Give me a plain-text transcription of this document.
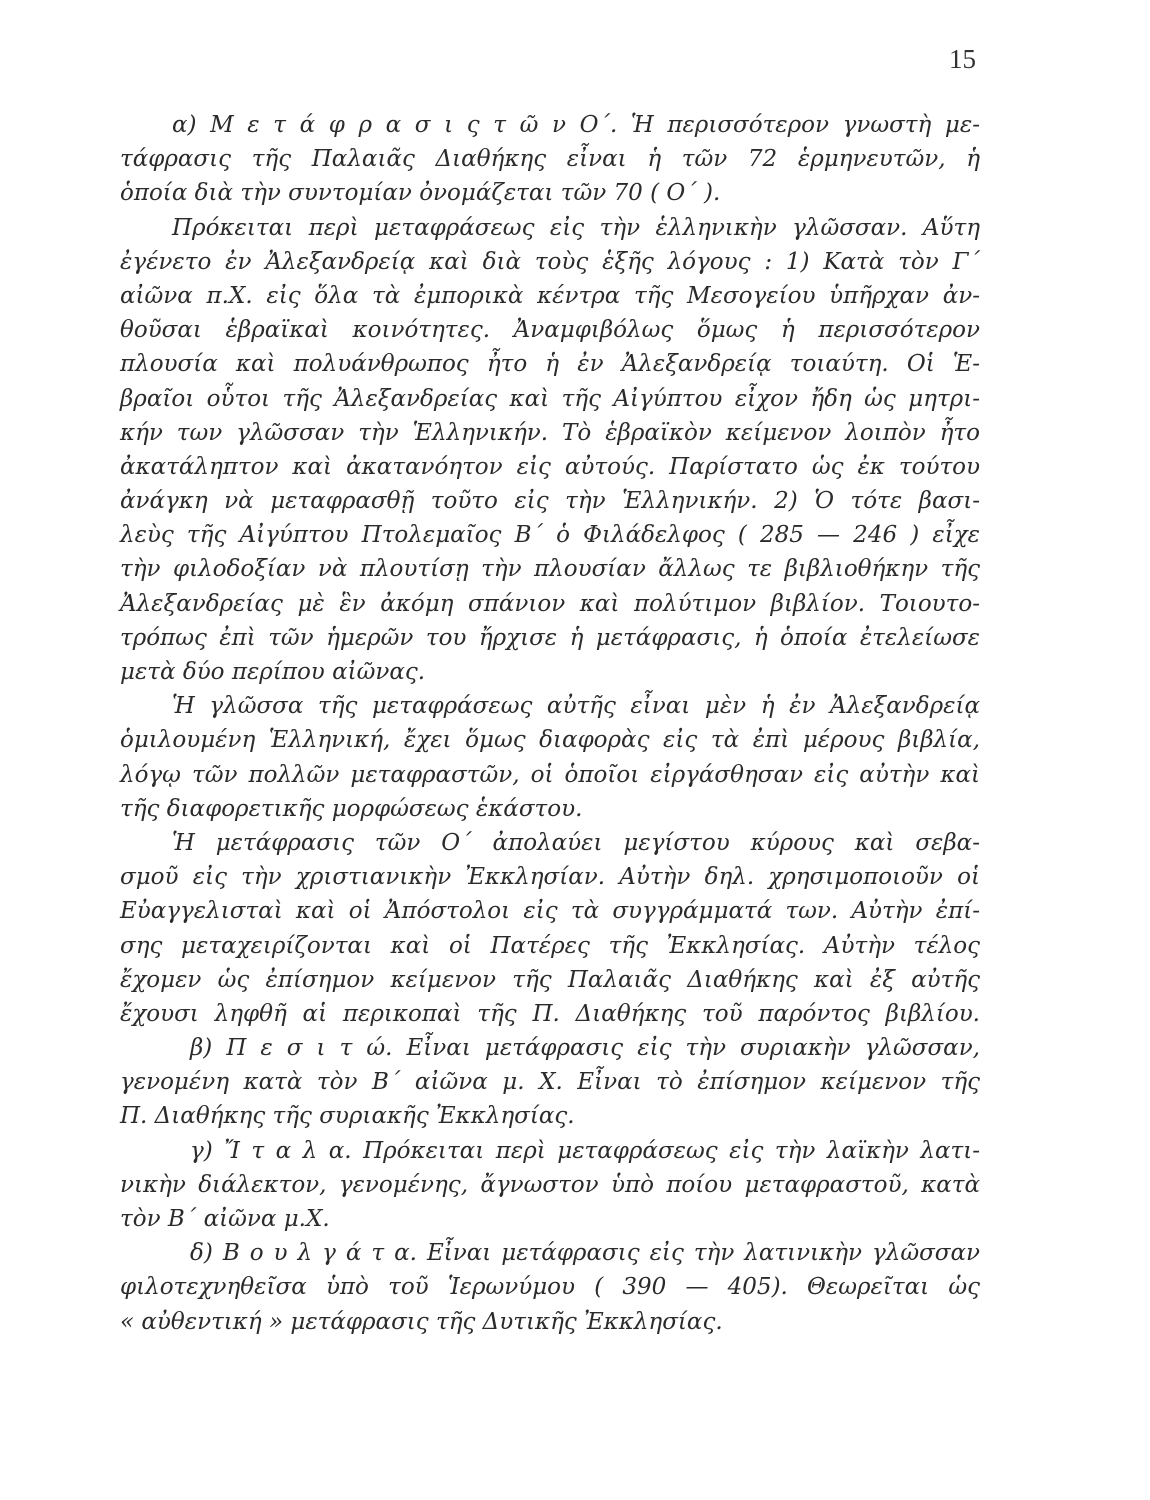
15
α) Μ ε τ ά φ ρ α σ ι ς τ ῶ ν Ο΄. Ἡ περισσότερον γνωστὴ με-
τάφρασις τῆς Παλαιᾶς Διαθήκης εἶναι ἡ τῶν 72 ἑρμηνευτῶν, ἡ
ὁποία διὰ τὴν συντομίαν ὀνομάζεται τῶν 70 ( Ο΄ ).
Πρόκειται περὶ μεταφράσεως εἰς τὴν ἑλληνικὴν γλῶσσαν. Αὕτη
ἐγένετο ἐν Ἀλεξανδρείᾳ καὶ διὰ τοὺς ἑξῆς λόγους : 1) Κατὰ τὸν Γ΄
αἰῶνα π.Χ. εἰς ὅλα τὰ ἐμπορικὰ κέντρα τῆς Μεσογείου ὑπῆρχαν ἀν-
θοῦσαι ἑβραϊκαὶ κοινότητες. Ἀναμφιβόλως ὅμως ἡ περισσότερον
πλουσία καὶ πολυάνθρωπος ἦτο ἡ ἐν Ἀλεξανδρείᾳ τοιαύτη. Οἱ Ἑ-
βραῖοι οὗτοι τῆς Ἀλεξανδρείας καὶ τῆς Αἰγύπτου εἶχον ἤδη ὡς μητρι-
κήν των γλῶσσαν τὴν Ἑλληνικήν. Τὸ ἑβραϊκὸν κείμενον λοιπὸν ἦτο
ἀκατάληπτον καὶ ἀκατανόητον εἰς αὐτούς. Παρίστατο ὡς ἐκ τούτου
ἀνάγκη νὰ μεταφρασθῇ τοῦτο εἰς τὴν Ἑλληνικήν. 2) Ὁ τότε βασι-
λεὺς τῆς Αἰγύπτου Πτολεμαῖος Β΄ ὁ Φιλάδελφος ( 285 — 246 ) εἶχε
τὴν φιλοδοξίαν νὰ πλουτίσῃ τὴν πλουσίαν ἄλλως τε βιβλιοθήκην τῆς
Ἀλεξανδρείας μὲ ἓν ἀκόμη σπάνιον καὶ πολύτιμον βιβλίον. Τοιουτο-
τρόπως ἐπὶ τῶν ἡμερῶν του ἤρχισε ἡ μετάφρασις, ἡ ὁποία ἐτελείωσε
μετὰ δύο περίπου αἰῶνας.
Ἡ γλῶσσα τῆς μεταφράσεως αὐτῆς εἶναι μὲν ἡ ἐν Ἀλεξανδρείᾳ
ὁμιλουμένη Ἑλληνική, ἔχει ὅμως διαφορὰς εἰς τὰ ἐπὶ μέρους βιβλία,
λόγῳ τῶν πολλῶν μεταφραστῶν, οἱ ὁποῖοι εἰργάσθησαν εἰς αὐτὴν καὶ
τῆς διαφορετικῆς μορφώσεως ἑκάστου.
Ἡ μετάφρασις τῶν Ο΄ ἀπολαύει μεγίστου κύρους καὶ σεβα-
σμοῦ εἰς τὴν χριστιανικὴν Ἐκκλησίαν. Αὐτὴν δηλ. χρησιμοποιοῦν οἱ
Εὐαγγελισταὶ καὶ οἱ Ἀπόστολοι εἰς τὰ συγγράμματά των. Αὐτὴν ἐπί-
σης μεταχειρίζονται καὶ οἱ Πατέρες τῆς Ἐκκλησίας. Αὐτὴν τέλος
ἔχομεν ὡς ἐπίσημον κείμενον τῆς Παλαιᾶς Διαθήκης καὶ ἐξ αὐτῆς
ἔχουσι ληφθῆ αἱ περικοπαὶ τῆς Π. Διαθήκης τοῦ παρόντος βιβλίου.
β) Π ε σ ι τ ώ. Εἶναι μετάφρασις εἰς τὴν συριακὴν γλῶσσαν,
γενομένη κατὰ τὸν Β΄ αἰῶνα μ. Χ. Εἶναι τὸ ἐπίσημον κείμενον τῆς
Π. Διαθήκης τῆς συριακῆς Ἐκκλησίας.
γ) Ἴ τ α λ α. Πρόκειται περὶ μεταφράσεως εἰς τὴν λαϊκὴν λατι-
νικὴν διάλεκτον, γενομένης, ἄγνωστον ὑπὸ ποίου μεταφραστοῦ, κατὰ
τὸν Β΄ αἰῶνα μ.Χ.
δ) Β ο υ λ γ ά τ α. Εἶναι μετάφρασις εἰς τὴν λατινικὴν γλῶσσαν
φιλοτεχνηθεῖσα ὑπὸ τοῦ Ἱερωνύμου ( 390 — 405). Θεωρεῖται ὡς
« αὐθεντική » μετάφρασις τῆς Δυτικῆς Ἐκκλησίας.
